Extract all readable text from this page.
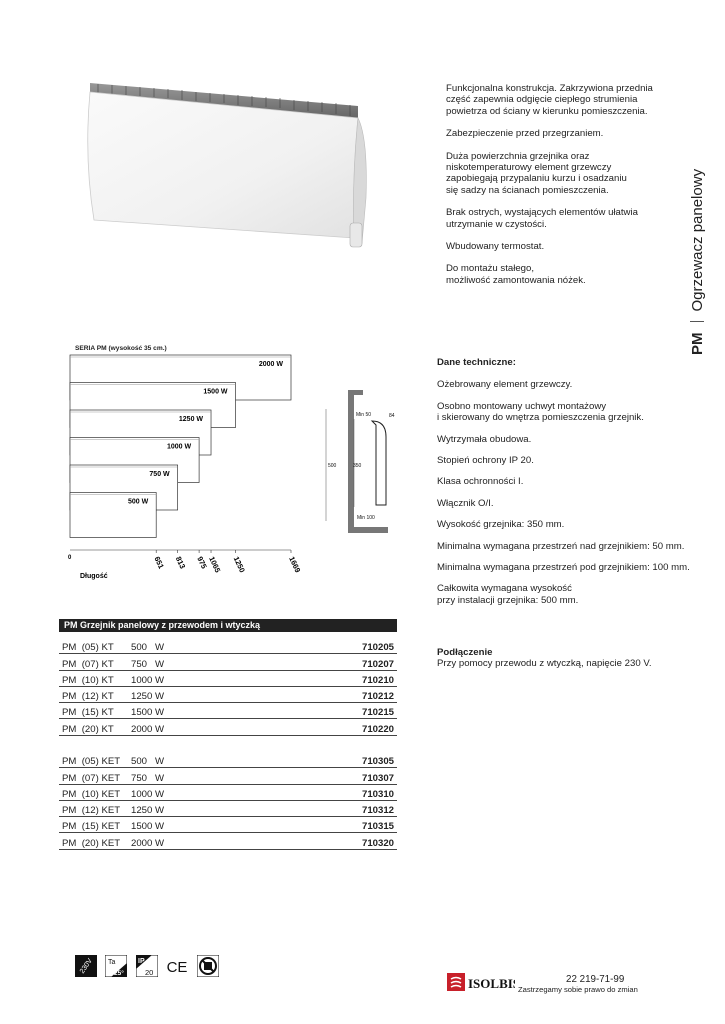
Funkcjonalna konstrukcja. Zakrzywiona przednia
część zapewnia odgięcie ciepłego strumienia
powietrza od ściany w kierunku pomieszczenia.

Zabezpieczenie przed przegrzaniem.

Duża powierzchnia grzejnika oraz
niskotemperaturowy element grzewczy
zapobiegają przypalaniu kurzu i osadzaniu
się sadzy na ścianach pomieszczenia.

Brak ostrych, wystających elementów ułatwia
utrzymanie w czystości.

Wbudowany termostat.

Do montażu stałego,
możliwość zamontowania nóżek.

PMOgrzewacz panelowy
SERIA PM (wysokość 35 cm.)
2000 W
1500 W
1250 W
1000 W
750 W
500 W
0
Długość
651 813 975
1065 1250	1669
Min 50	84
500	350
Min 100
Dane techniczne:

Ożebrowany element grzewczy.

Osobno montowany uchwyt montażowy
i skierowany do wnętrza pomieszczenia grzejnik.

Wytrzymała obudowa.

Stopień ochrony IP 20.

Klasa ochronności I.

Włącznik O/I.

Wysokość grzejnika: 350 mm.

Minimalna wymagana przestrzeń nad grzejnikiem: 50 mm.

Minimalna wymagana przestrzeń pod grzejnikiem: 100 mm.

Całkowita wymagana wysokość
przy instalacji grzejnika: 500 mm.

Podłączenie
Przy pomocy przewodu z wtyczką, napięcie 230 V.
PM Grzejnik panelowy z przewodem i wtyczką
PM  (05) KT	500   W	710205
PM  (07) KT	750   W	710207
PM  (10) KT	1000 W	710210
PM  (12) KT	1250 W	710212
PM  (15) KT	1500 W	710215
PM  (20) KT	2000 W	710220
PM  (05) KET	500   W	710305
PM  (07) KET	750   W	710307
PM  (10) KET	1000 W	710310
PM  (12) KET	1250 W	710312
PM  (15) KET	1500 W	710315
PM  (20) KET	2000 W	710320
230V
Ta
25°

IP
20
CE

ISOLBIS	22 219-71-99
Zastrzegamy sobie prawo do zmian
